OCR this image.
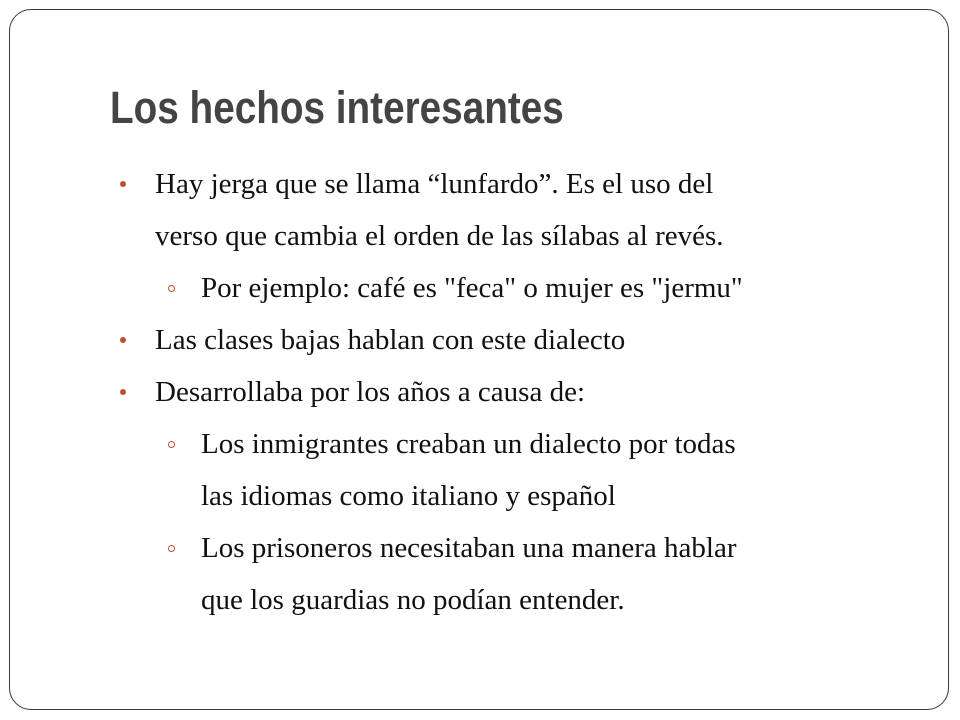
Los hechos interesantes
Hay jerga que se llama “lunfardo”. Es el uso del
verso que cambia el orden de las sílabas al revés.
Por ejemplo: café es "feca" o mujer es "jermu"
Las clases bajas hablan con este dialecto
Desarrollaba por los años a causa de:
Los inmigrantes creaban un dialecto por todas
las idiomas como italiano y español
Los prisoneros necesitaban una manera hablar
que los guardias no podían entender.
